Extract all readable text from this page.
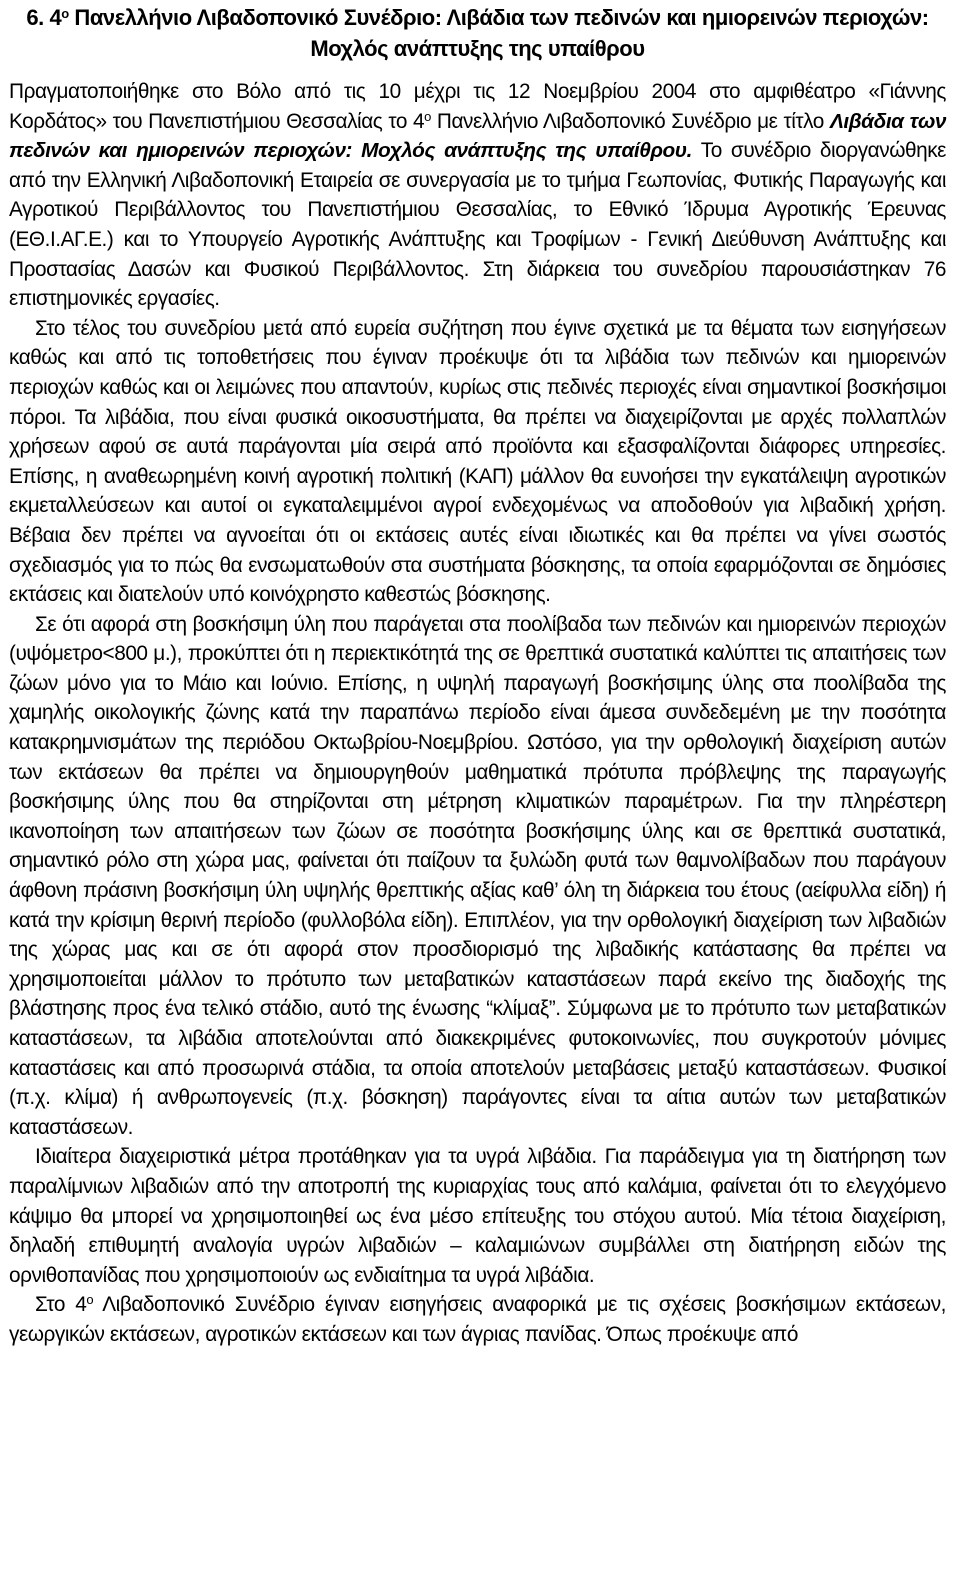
6. $4^o$ Πανελλήνιο Λιβαδοπονικό Συνέδριο: Λιβάδια των πεδινών και ημιορεινών περιοχών: Μοχλός ανάπτυξης της υπαίθρου

Πραγματοποιήθηκε στο Βόλο από τις 10 μέχρι τις 12 Νοεμβρίου 2004 στο αμφιθέατρο «Γιάννης Κορδάτος» του Πανεπιστήμιου Θεσσαλίας το $4^o$ Πανελλήνιο Λιβαδοπονικό Συνέδριο με τίτλο Λιβάδια των πεδινών και ημιορεινών περιοχών: Μοχλός ανάπτυξης της υπαίθρου. Το συνέδριο διοργανώθηκε από την Ελληνική Λιβαδοπονική Εταιρεία σε συνεργασία με το τμήμα Γεωπονίας, Φυτικής Παραγωγής και Αγροτικού Περιβάλλοντος του Πανεπιστήμιου Θεσσαλίας, το Εθνικό Ίδρυμα Αγροτικής Έρευνας (ΕΘ.Ι.ΑΓ.Ε.) και το Υπουργείο Αγροτικής Ανάπτυξης και Τροφίμων - Γενική Διεύθυνση Ανάπτυξης και Προστασίας Δασών και Φυσικού Περιβάλλοντος. Στη διάρκεια του συνεδρίου παρουσιάστηκαν 76 επιστημονικές εργασίες.

Στο τέλος του συνεδρίου μετά από ευρεία συζήτηση που έγινε σχετικά με τα θέματα των εισηγήσεων καθώς και από τις τοποθετήσεις που έγιναν προέκυψε ότι τα λιβάδια των πεδινών και ημιορεινών περιοχών καθώς και οι λειμώνες που απαντούν, κυρίως στις πεδινές περιοχές είναι σημαντικοί βοσκήσιμοι πόροι. Τα λιβάδια, που είναι φυσικά οικοσυστήματα, θα πρέπει να διαχειρίζονται με αρχές πολλαπλών χρήσεων αφού σε αυτά παράγονται μία σειρά από προϊόντα και εξασφαλίζονται διάφορες υπηρεσίες. Επίσης, η αναθεωρημένη κοινή αγροτική πολιτική (ΚΑΠ) μάλλον θα ευνοήσει την εγκατάλειψη αγροτικών εκμεταλλεύσεων και αυτοί οι εγκαταλειμμένοι αγροί ενδεχομένως να αποδοθούν για λιβαδική χρήση. Βέβαια δεν πρέπει να αγνοείται ότι οι εκτάσεις αυτές είναι ιδιωτικές και θα πρέπει να γίνει σωστός σχεδιασμός για το πώς θα ενσωματωθούν στα συστήματα βόσκησης, τα οποία εφαρμόζονται σε δημόσιες εκτάσεις και διατελούν υπό κοινόχρηστο καθεστώς βόσκησης.

Σε ότι αφορά στη βοσκήσιμη ύλη που παράγεται στα ποολίβαδα των πεδινών και ημιορεινών περιοχών (υψόμετρο<800 μ.), προκύπτει ότι η περιεκτικότητά της σε θρεπτικά συστατικά καλύπτει τις απαιτήσεις των ζώων μόνο για το Μάιο και Ιούνιο. Επίσης, η υψηλή παραγωγή βοσκήσιμης ύλης στα ποολίβαδα της χαμηλής οικολογικής ζώνης κατά την παραπάνω περίοδο είναι άμεσα συνδεδεμένη με την ποσότητα κατακρημνισμάτων της περιόδου Οκτωβρίου-Νοεμβρίου. Ωστόσο, για την ορθολογική διαχείριση αυτών των εκτάσεων θα πρέπει να δημιουργηθούν μαθηματικά πρότυπα πρόβλεψης της παραγωγής βοσκήσιμης ύλης που θα στηρίζονται στη μέτρηση κλιματικών παραμέτρων. Για την πληρέστερη ικανοποίηση των απαιτήσεων των ζώων σε ποσότητα βοσκήσιμης ύλης και σε θρεπτικά συστατικά, σημαντικό ρόλο στη χώρα μας, φαίνεται ότι παίζουν τα ξυλώδη φυτά των θαμνολίβαδων που παράγουν άφθονη πράσινη βοσκήσιμη ύλη υψηλής θρεπτικής αξίας καθ’ όλη τη διάρκεια του έτους (αείφυλλα είδη) ή κατά την κρίσιμη θερινή περίοδο (φυλλοβόλα είδη). Επιπλέον, για την ορθολογική διαχείριση των λιβαδιών της χώρας μας και σε ότι αφορά στον προσδιορισμό της λιβαδικής κατάστασης θα πρέπει να χρησιμοποιείται μάλλον το πρότυπο των μεταβατικών καταστάσεων παρά εκείνο της διαδοχής της βλάστησης προς ένα τελικό στάδιο, αυτό της ένωσης “κλίμαξ”. Σύμφωνα με το πρότυπο των μεταβατικών καταστάσεων, τα λιβάδια αποτελούνται από διακεκριμένες φυτοκοινωνίες, που συγκροτούν μόνιμες καταστάσεις και από προσωρινά στάδια, τα οποία αποτελούν μεταβάσεις μεταξύ καταστάσεων. Φυσικοί (π.χ. κλίμα) ή ανθρωπογενείς (π.χ. βόσκηση) παράγοντες είναι τα αίτια αυτών των μεταβατικών καταστάσεων.

Ιδιαίτερα διαχειριστικά μέτρα προτάθηκαν για τα υγρά λιβάδια. Για παράδειγμα για τη διατήρηση των παραλίμνιων λιβαδιών από την αποτροπή της κυριαρχίας τους από καλάμια, φαίνεται ότι το ελεγχόμενο κάψιμο θα μπορεί να χρησιμοποιηθεί ως ένα μέσο επίτευξης του στόχου αυτού. Μία τέτοια διαχείριση, δηλαδή επιθυμητή αναλογία υγρών λιβαδιών – καλαμιώνων συμβάλλει στη διατήρηση ειδών της ορνιθοπανίδας που χρησιμοποιούν ως ενδιαίτημα τα υγρά λιβάδια.

Στο $4^o$ Λιβαδοπονικό Συνέδριο έγιναν εισηγήσεις αναφορικά με τις σχέσεις βοσκήσιμων εκτάσεων, γεωργικών εκτάσεων, αγροτικών εκτάσεων και των άγριας πανίδας. Όπως προέκυψε από
